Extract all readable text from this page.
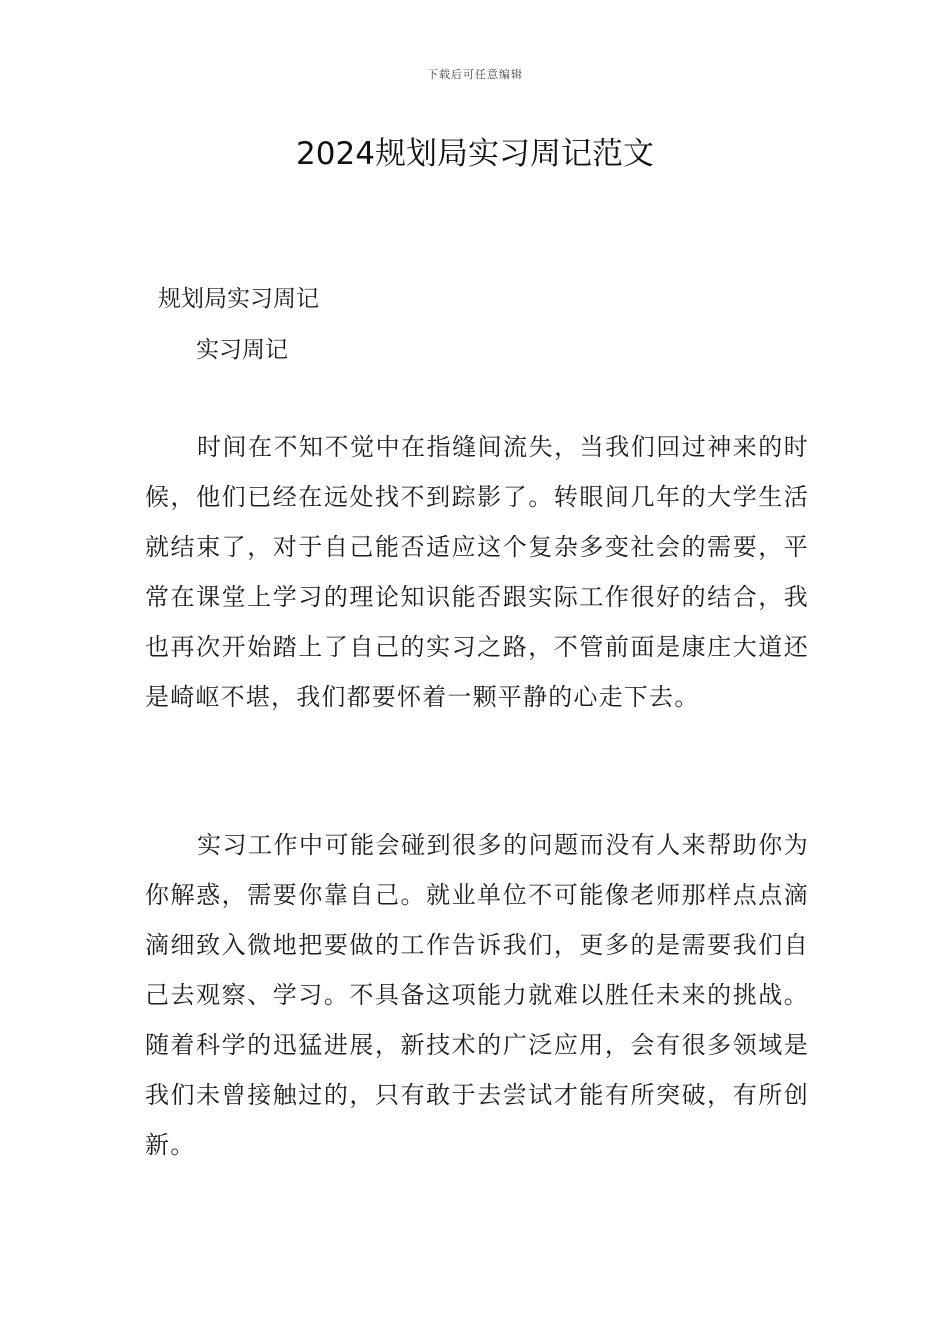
下载后可任意编辑
2024规划局实习周记范文
规划局实习周记
实习周记

时间在不知不觉中在指缝间流失，当我们回过神来的时候，他们已经在远处找不到踪影了。转眼间几年的大学生活就结束了，对于自己能否适应这个复杂多变社会的需要，平常在课堂上学习的理论知识能否跟实际工作很好的结合，我也再次开始踏上了自己的实习之路，不管前面是康庄大道还是崎岖不堪，我们都要怀着一颗平静的心走下去。

实习工作中可能会碰到很多的问题而没有人来帮助你为你解惑，需要你靠自己。就业单位不可能像老师那样点点滴滴细致入微地把要做的工作告诉我们，更多的是需要我们自己去观察、学习。不具备这项能力就难以胜任未来的挑战。随着科学的迅猛进展，新技术的广泛应用，会有很多领域是我们未曾接触过的，只有敢于去尝试才能有所突破，有所创新。
